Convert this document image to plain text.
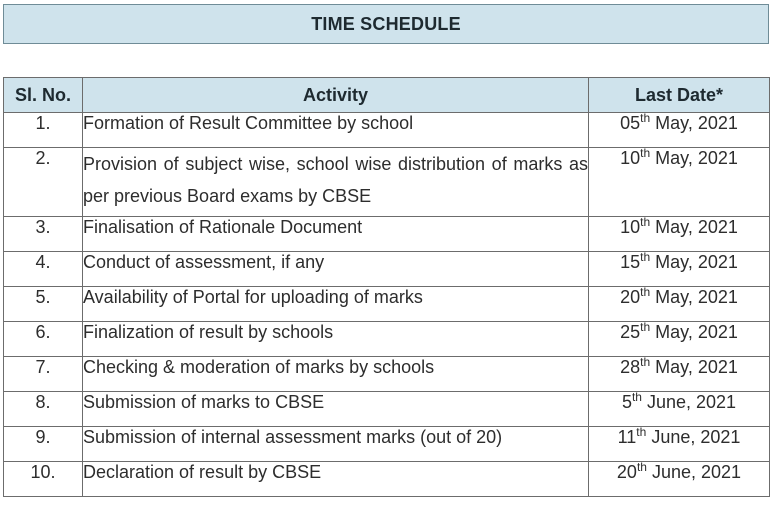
TIME SCHEDULE
Sl. No.	Activity	Last Date*
1.	Formation of Result Committee by school	05th May, 2021
2.	Provision of subject wise, school wise distribution of marks as per previous Board exams by CBSE	10th May, 2021
3.	Finalisation of Rationale Document	10th May, 2021
4.	Conduct of assessment, if any	15th May, 2021
5.	Availability of Portal for uploading of marks	20th May, 2021
6.	Finalization of result by schools	25th May, 2021
7.	Checking & moderation of marks by schools	28th May, 2021
8.	Submission of marks to CBSE	5th June, 2021
9.	Submission of internal assessment marks (out of 20)	11th June, 2021
10.	Declaration of result by CBSE	20th June, 2021
